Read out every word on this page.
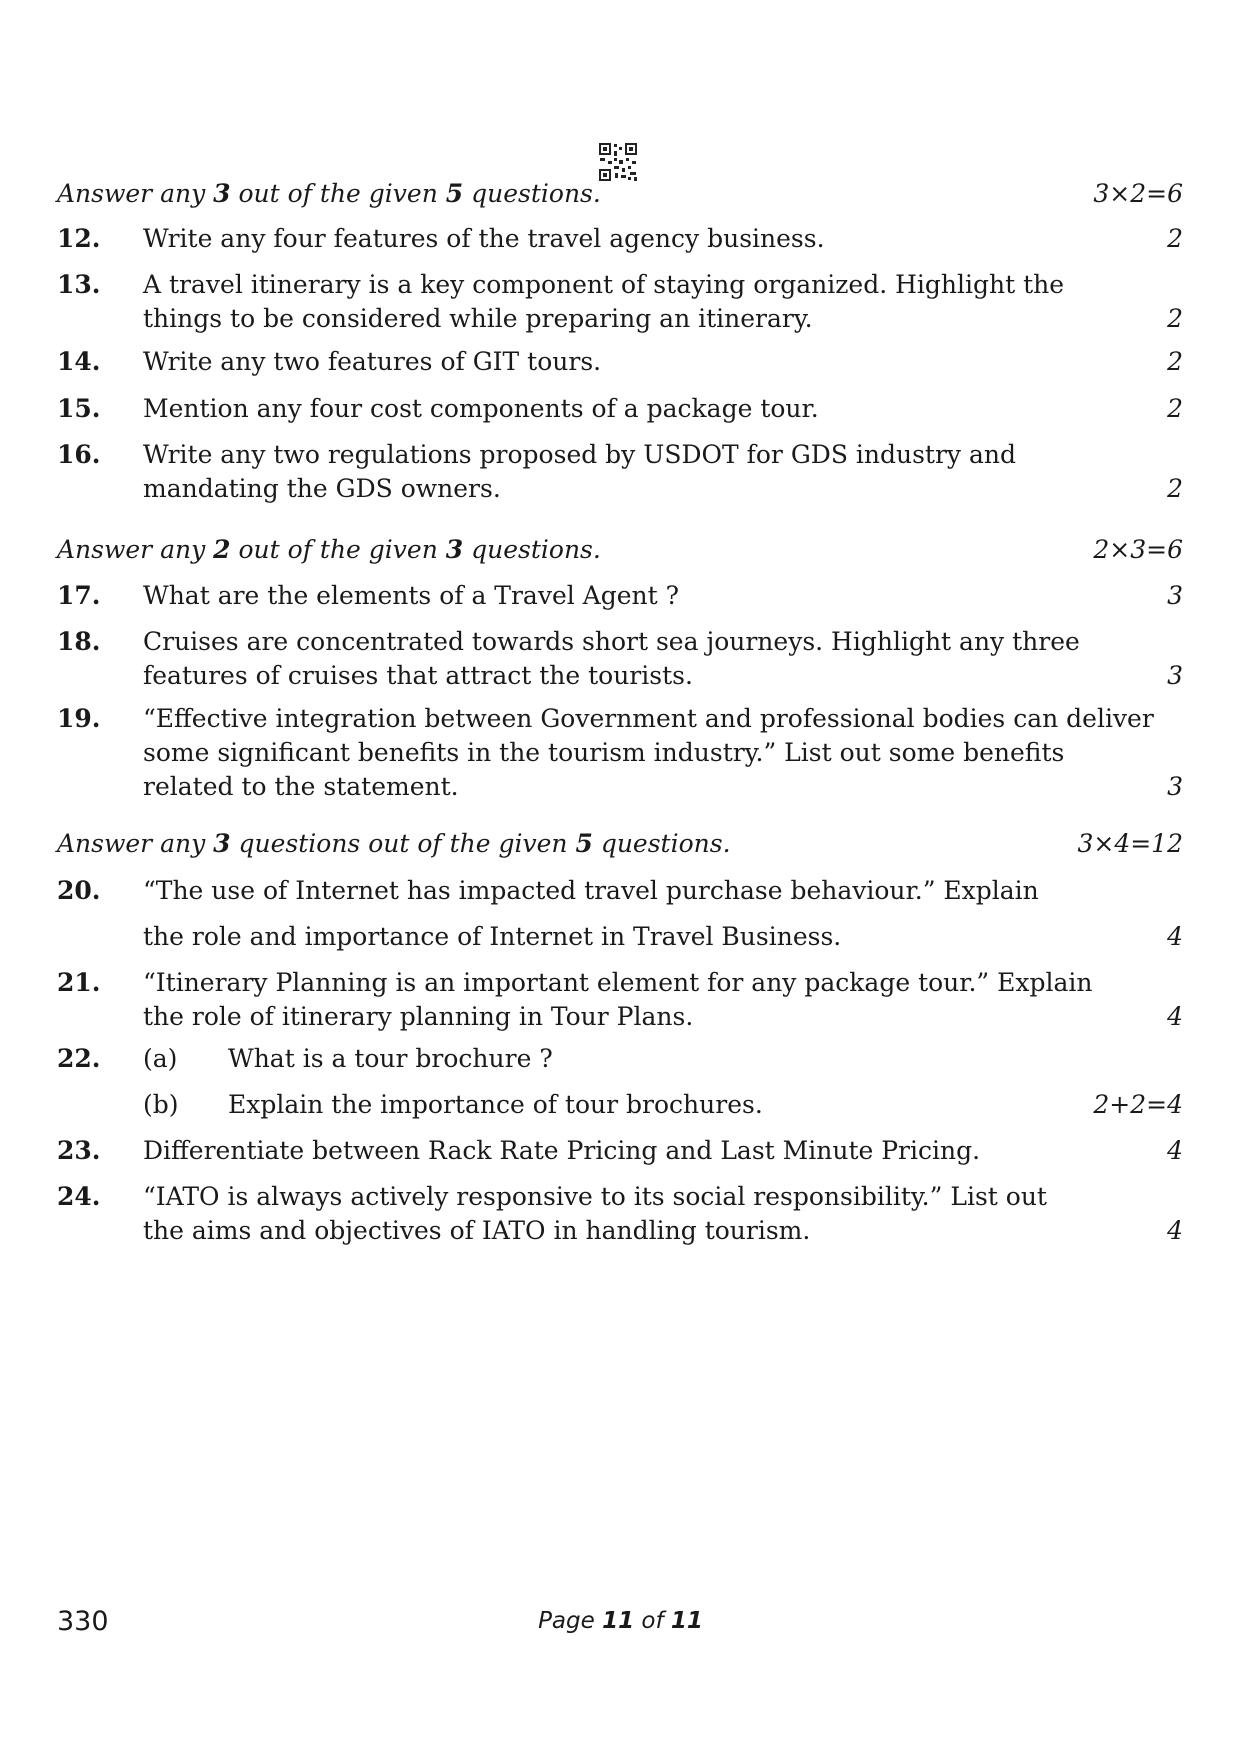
Answer any 3 out of the given 5 questions.	3×2=6
12. Write any four features of the travel agency business.	2
13. A travel itinerary is a key component of staying organized. Highlight the
things to be considered while preparing an itinerary.	2
14. Write any two features of GIT tours.	2
15. Mention any four cost components of a package tour.	2
16. Write any two regulations proposed by USDOT for GDS industry and
mandating the GDS owners.	2
Answer any 2 out of the given 3 questions.	2×3=6
17. What are the elements of a Travel Agent ?	3
18. Cruises are concentrated towards short sea journeys. Highlight any three
features of cruises that attract the tourists.	3
19. “Effective integration between Government and professional bodies can deliver
some significant benefits in the tourism industry.” List out some benefits
related to the statement.	3
Answer any 3 questions out of the given 5 questions.	3×4=12
20. “The use of Internet has impacted travel purchase behaviour.” Explain
the role and importance of Internet in Travel Business.	4
21. “Itinerary Planning is an important element for any package tour.” Explain
the role of itinerary planning in Tour Plans.	4
22. (a) What is a tour brochure ?
(b) Explain the importance of tour brochures.	2+2=4
23. Differentiate between Rack Rate Pricing and Last Minute Pricing.	4
24. “IATO is always actively responsive to its social responsibility.” List out
the aims and objectives of IATO in handling tourism.	4
330	Page 11 of 11
